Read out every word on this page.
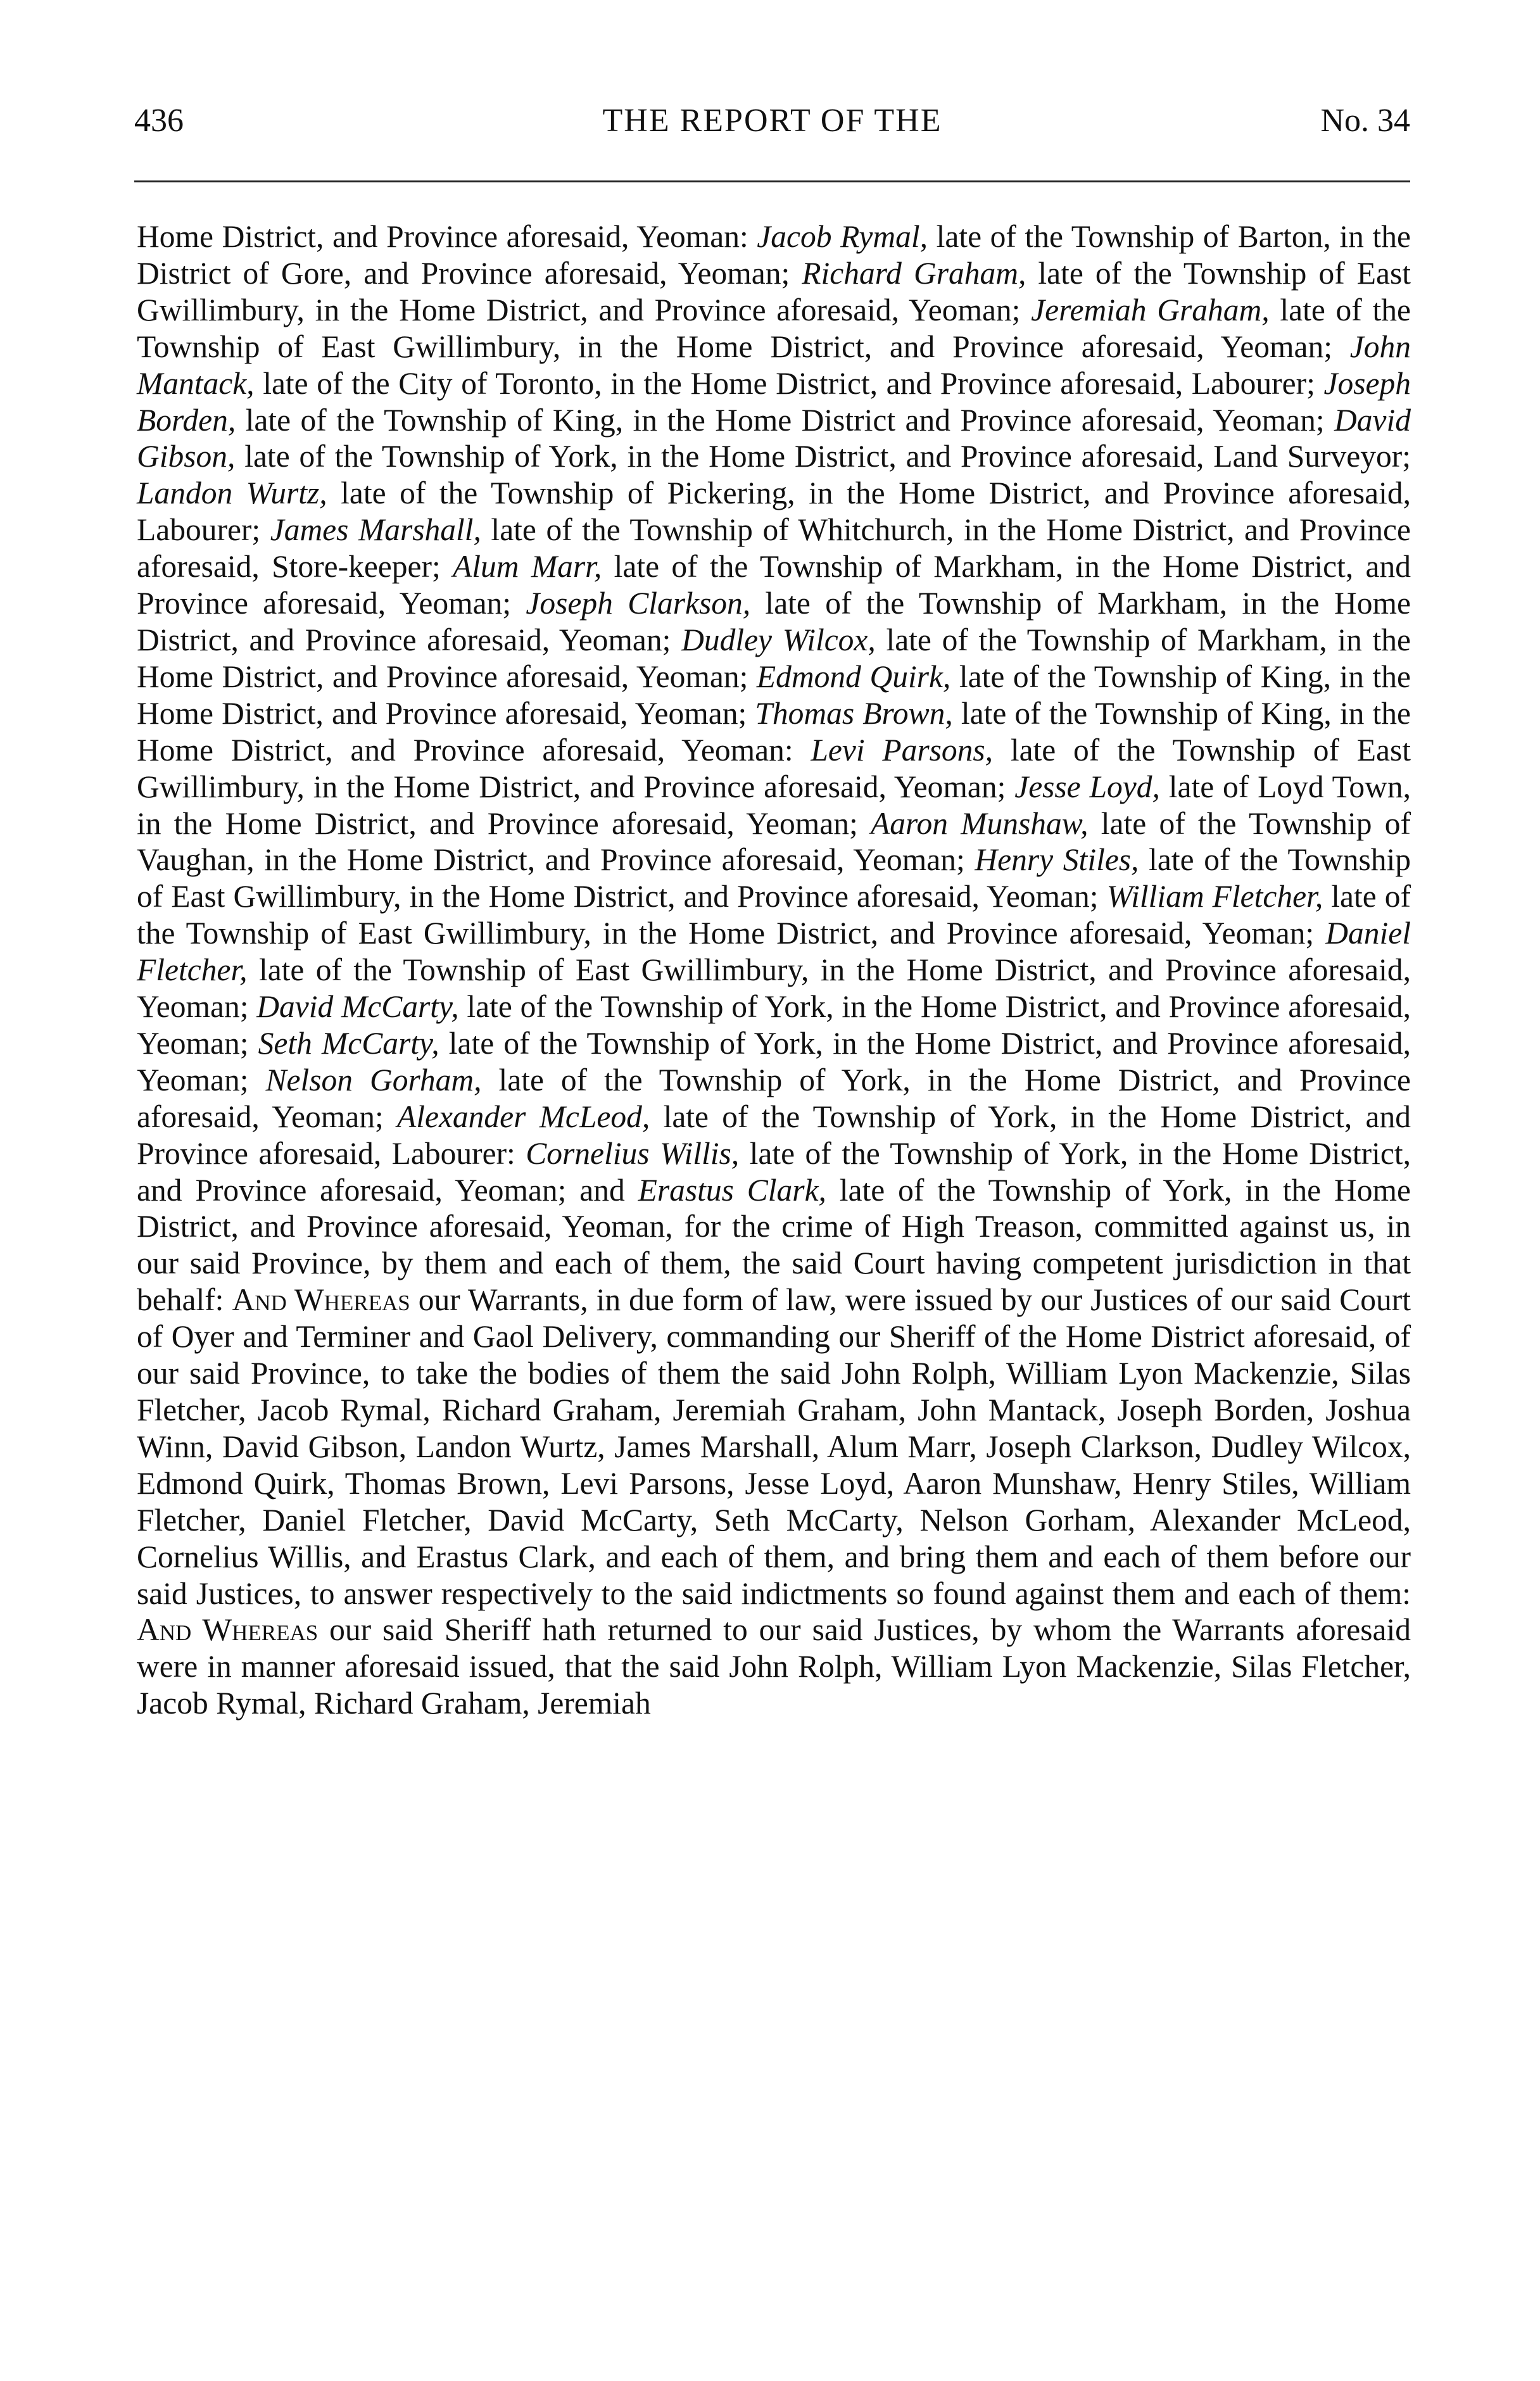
436	THE REPORT OF THE	No. 34

Home District, and Province aforesaid, Yeoman: Jacob Rymal, late of the Township of Barton, in the District of Gore, and Province aforesaid, Yeoman; Richard Graham, late of the Township of East Gwillimbury, in the Home District, and Province aforesaid, Yeoman; Jeremiah Graham, late of the Township of East Gwillimbury, in the Home District, and Province aforesaid, Yeoman; John Mantack, late of the City of Toronto, in the Home District, and Province aforesaid, Labourer; Joseph Borden, late of the Township of King, in the Home District and Province aforesaid, Yeoman; David Gibson, late of the Township of York, in the Home District, and Province aforesaid, Land Surveyor; Landon Wurtz, late of the Township of Pickering, in the Home District, and Province aforesaid, Labourer; James Marshall, late of the Township of Whitchurch, in the Home District, and Province aforesaid, Store-keeper; Alum Marr, late of the Township of Markham, in the Home District, and Province aforesaid, Yeoman; Joseph Clarkson, late of the Township of Markham, in the Home District, and Province aforesaid, Yeoman; Dudley Wilcox, late of the Township of Markham, in the Home District, and Province aforesaid, Yeoman; Edmond Quirk, late of the Township of King, in the Home District, and Province aforesaid, Yeoman; Thomas Brown, late of the Township of King, in the Home District, and Province aforesaid, Yeoman: Levi Parsons, late of the Township of East Gwillimbury, in the Home District, and Province aforesaid, Yeoman; Jesse Loyd, late of Loyd Town, in the Home District, and Province aforesaid, Yeoman; Aaron Munshaw, late of the Township of Vaughan, in the Home District, and Province aforesaid, Yeoman; Henry Stiles, late of the Township of East Gwillimbury, in the Home District, and Province aforesaid, Yeoman; William Fletcher, late of the Township of East Gwillimbury, in the Home District, and Province aforesaid, Yeoman; Daniel Fletcher, late of the Township of East Gwillimbury, in the Home District, and Province aforesaid, Yeoman; David McCarty, late of the Township of York, in the Home District, and Province aforesaid, Yeoman; Seth McCarty, late of the Township of York, in the Home District, and Province aforesaid, Yeoman; Nelson Gorham, late of the Township of York, in the Home District, and Province aforesaid, Yeoman; Alexander McLeod, late of the Township of York, in the Home District, and Province aforesaid, Labourer: Cornelius Willis, late of the Township of York, in the Home District, and Province aforesaid, Yeoman; and Erastus Clark, late of the Township of York, in the Home District, and Province aforesaid, Yeoman, for the crime of High Treason, committed against us, in our said Province, by them and each of them, the said Court having competent jurisdiction in that behalf: And Whereas our Warrants, in due form of law, were issued by our Justices of our said Court of Oyer and Terminer and Gaol Delivery, commanding our Sheriff of the Home District aforesaid, of our said Province, to take the bodies of them the said John Rolph, William Lyon Mackenzie, Silas Fletcher, Jacob Rymal, Richard Graham, Jeremiah Graham, John Mantack, Joseph Borden, Joshua Winn, David Gibson, Landon Wurtz, James Marshall, Alum Marr, Joseph Clarkson, Dudley Wilcox, Edmond Quirk, Thomas Brown, Levi Parsons, Jesse Loyd, Aaron Munshaw, Henry Stiles, William Fletcher, Daniel Fletcher, David McCarty, Seth McCarty, Nelson Gorham, Alexander McLeod, Cornelius Willis, and Erastus Clark, and each of them, and bring them and each of them before our said Justices, to answer respectively to the said indictments so found against them and each of them: And Whereas our said Sheriff hath returned to our said Justices, by whom the Warrants aforesaid were in manner aforesaid issued, that the said John Rolph, William Lyon Mackenzie, Silas Fletcher, Jacob Rymal, Richard Graham, Jeremiah
